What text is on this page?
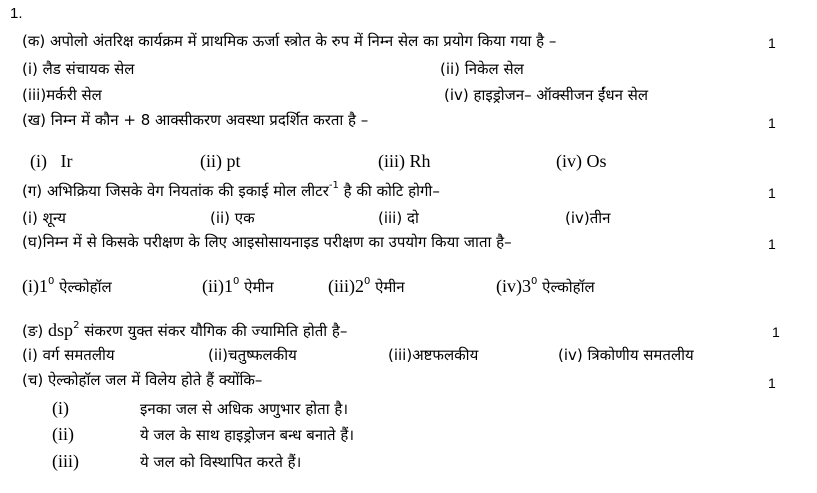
1.
(क) अपोलो अंतरिक्ष कार्यक्रम में प्राथमिक ऊर्जा स्त्रोत के रुप में निम्न सेल का प्रयोग किया गया है –	1
(i) लैड संचायक सेल	(ii) निकेल सेल
(iii)मर्करी सेल	(iv) हाइड्रोजन– ऑक्सीजन ईंधन सेल
(ख) निम्न में कौन + 8 आक्सीकरण अवस्था प्रदर्शित करता है –	1
(i)   Ir	(ii) pt	(iii) Rh	(iv) Os
(ग) अभिक्रिया जिसके वेग नियतांक की इकाई मोल लीटर$^{-1}$ है की कोटि होगी–	1
(i) शून्य	(ii) एक	(iii) दो	(iv)तीन
(घ)निम्न में से किसके परीक्षण के लिए आइसोसायनाइड परीक्षण का उपयोग किया जाता है–	1
$(i)1^0$ ऐल्कोहॉल	$(ii)1^0$ ऐमीन	$(iii)2^0$ ऐमीन	$(iv)3^0$ ऐल्कोहॉल
(ङ) dsp$^2$ संकरण युक्त संकर यौगिक की ज्यामिति होती है–	1
(i) वर्ग समतलीय	(ii)चतुष्फलकीय	(iii)अष्टफलकीय	(iv) त्रिकोणीय समतलीय
(च) ऐल्कोहॉल जल में विलेय होते हैं क्योंकि–	1
(i)	इनका जल से अधिक अणुभार होता है।
(ii)	ये जल के साथ हाइड्रोजन बन्ध बनाते हैं।
(iii)	ये जल को विस्थापित करते हैं।
